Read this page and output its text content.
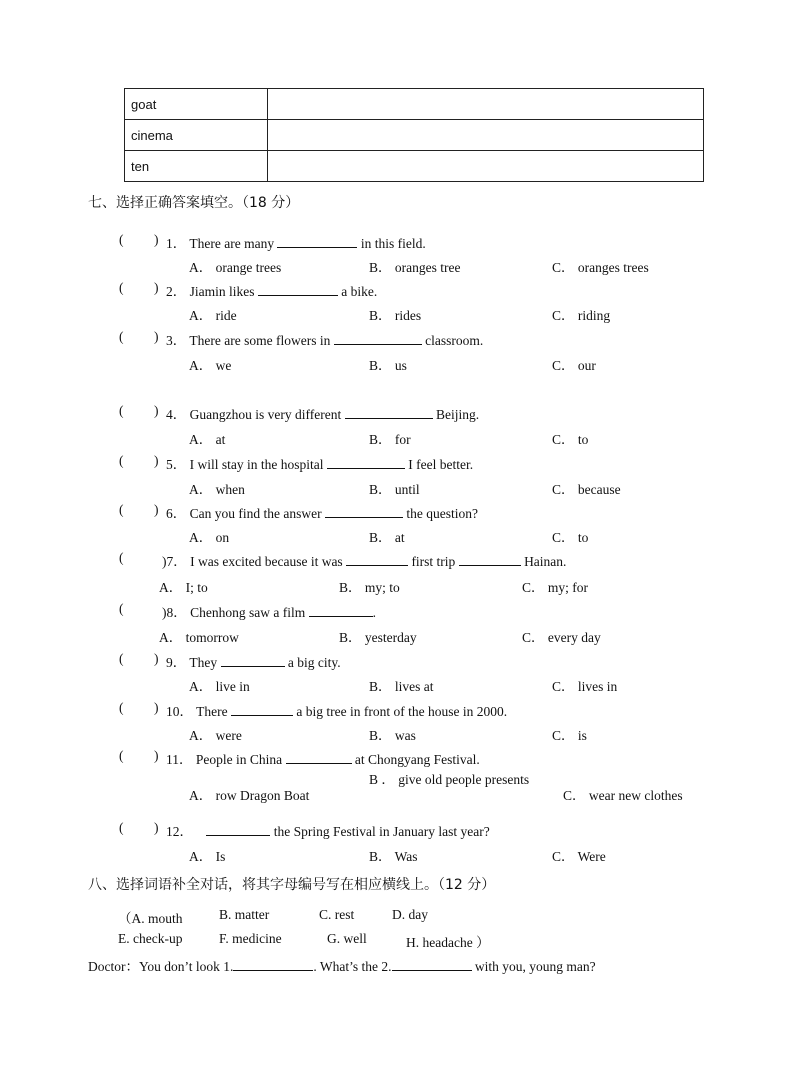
goat	
cinema	
ten	
七、选择正确答案填空。（18 分）
( ) 1． There are many	in this field.
A． orange trees	B． oranges tree	C． oranges trees
( ) 2． Jiamin likes	a bike.
A． ride	B． rides	C． riding
( ) 3． There are some flowers in	classroom.
A． we	B． us	C． our
( ) 4． Guangzhou is very different	Beijing.
A． at	B． for	C． to
( ) 5． I will stay in the hospital	I feel better.
A． when	B． until	C． because
( ) 6． Can you find the answer	the question?
A． on	B． at	C． to
(	)7． I was excited because it was	first trip	Hainan.
A． I; to	B． my; to	C． my; for
(	)8． Chenhong saw a film	.
A． tomorrow	B． yesterday	C． every day
( ) 9． They	a big city.
A． live in	B． lives at	C． lives in
( ) 10． There	a big tree in front of the house in 2000.
A． were	B． was	C． is
( ) 11． People in China	at Chongyang Festival.
A． row Dragon Boat
B ． give old people presents
C． wear new clothes
( ) 12．	the Spring Festival in January last year?
A． Is	B． Was	C． Were
八、选择词语补全对话，将其字母编号写在相应横线上。（12 分）
（A. mouth	B. matter	C. rest	D. day
E. check-up	F. medicine	G. well	H. headache ）
Doctor：You don’t look 1.	. What’s the 2.	with you, young man?
